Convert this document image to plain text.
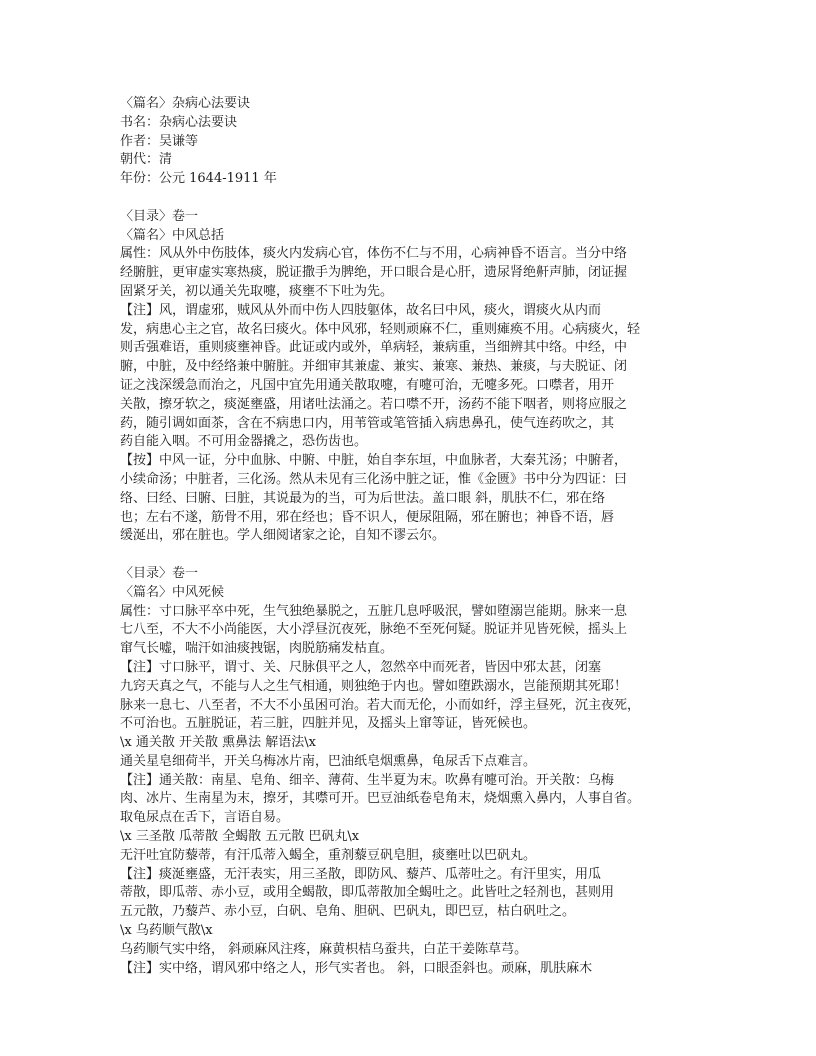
〈篇名〉杂病心法要诀
书名：杂病心法要诀
作者：吴谦等
朝代：清
年份：公元 1644-1911 年
〈目录〉卷一
〈篇名〉中风总括
属性：风从外中伤肢体，痰火内发病心官，体伤不仁与不用，心病神昏不语言。当分中络
经腑脏，更审虚实寒热痰，脱证撒手为脾绝，开口眼合是心肝，遗尿肾绝鼾声肺，闭证握
固紧牙关，初以通关先取嚏，痰壅不下吐为先。
【注】风，谓虚邪，贼风从外而中伤人四肢躯体，故名曰中风，痰火，谓痰火从内而
发，病患心主之官，故名曰痰火。体中风邪，轻则顽麻不仁，重则瘫痪不用。心病痰火，轻
则舌强难语，重则痰壅神昏。此证或内或外，单病轻，兼病重，当细辨其中络。中经，中
腑，中脏，及中经络兼中腑脏。并细审其兼虚、兼实、兼寒、兼热、兼痰，与夫脱证、闭
证之浅深缓急而治之，凡国中宜先用通关散取嚏，有嚏可治，无嚏多死。口噤者，用开
关散，擦牙软之，痰涎壅盛，用诸吐法涌之。若口噤不开，汤药不能下咽者，则将应服之
药，随引调如面茶，含在不病患口内，用苇管或笔管插入病患鼻孔，使气连药吹之，其
药自能入咽。不可用金器撬之，恐伤齿也。
【按】中风一证，分中血脉、中腑、中脏，始自李东垣，中血脉者，大秦艽汤；中腑者，
小续命汤；中脏者，三化汤。然从未见有三化汤中脏之证，惟《金匮》书中分为四证：曰
络、曰经、曰腑、曰脏，其说最为的当，可为后世法。盖口眼 斜，肌肤不仁，邪在络
也；左右不遂，筋骨不用，邪在经也；昏不识人，便尿阻隔，邪在腑也；神昏不语，唇
缓涎出，邪在脏也。学人细阅诸家之论，自知不谬云尔。
〈目录〉卷一
〈篇名〉中风死候
属性：寸口脉平卒中死，生气独绝暴脱之，五脏几息呼吸泯，譬如堕溺岂能期。脉来一息
七八至，不大不小尚能医，大小浮昼沉夜死，脉绝不至死何疑。脱证并见皆死候，摇头上
窜气长嘘，喘汗如油痰拽锯，肉脱筋痛发枯直。
【注】寸口脉平，谓寸、关、尺脉俱平之人，忽然卒中而死者，皆因中邪太甚，闭塞
九窍天真之气，不能与人之生气相通，则独绝于内也。譬如堕跌溺水，岂能预期其死耶！
脉来一息七、八至者，不大不小虽困可治。若大而无伦，小而如纤，浮主昼死，沉主夜死，
不可治也。五脏脱证，若三脏，四脏并见，及摇头上窜等证，皆死候也。
\x 通关散 开关散 熏鼻法 解语法\x
通关星皂细荷半，开关乌梅冰片南，巴油纸皂烟熏鼻，龟尿舌下点难言。
【注】通关散：南星、皂角、细辛、薄荷、生半夏为末。吹鼻有嚏可治。开关散：乌梅
肉、冰片、生南星为末，擦牙，其噤可开。巴豆油纸卷皂角末，烧烟熏入鼻内，人事自省。
取龟尿点在舌下，言语自易。
\x 三圣散 瓜蒂散 全蝎散 五元散 巴矾丸\x
无汗吐宜防藜蒂，有汗瓜蒂入蝎全，重剂藜豆矾皂胆，痰壅吐以巴矾丸。
【注】痰涎壅盛，无汗表实，用三圣散，即防风、藜芦、瓜蒂吐之。有汗里实，用瓜
蒂散，即瓜蒂、赤小豆，或用全蝎散，即瓜蒂散加全蝎吐之。此皆吐之轻剂也，甚则用
五元散，乃藜芦、赤小豆，白矾、皂角、胆矾、巴矾丸，即巴豆，枯白矾吐之。
\x 乌药顺气散\x
乌药顺气实中络， 斜顽麻风注疼，麻黄枳桔乌蚕共，白芷干姜陈草芎。
【注】实中络，谓风邪中络之人，形气实者也。 斜，口眼歪斜也。顽麻，肌肤麻木
